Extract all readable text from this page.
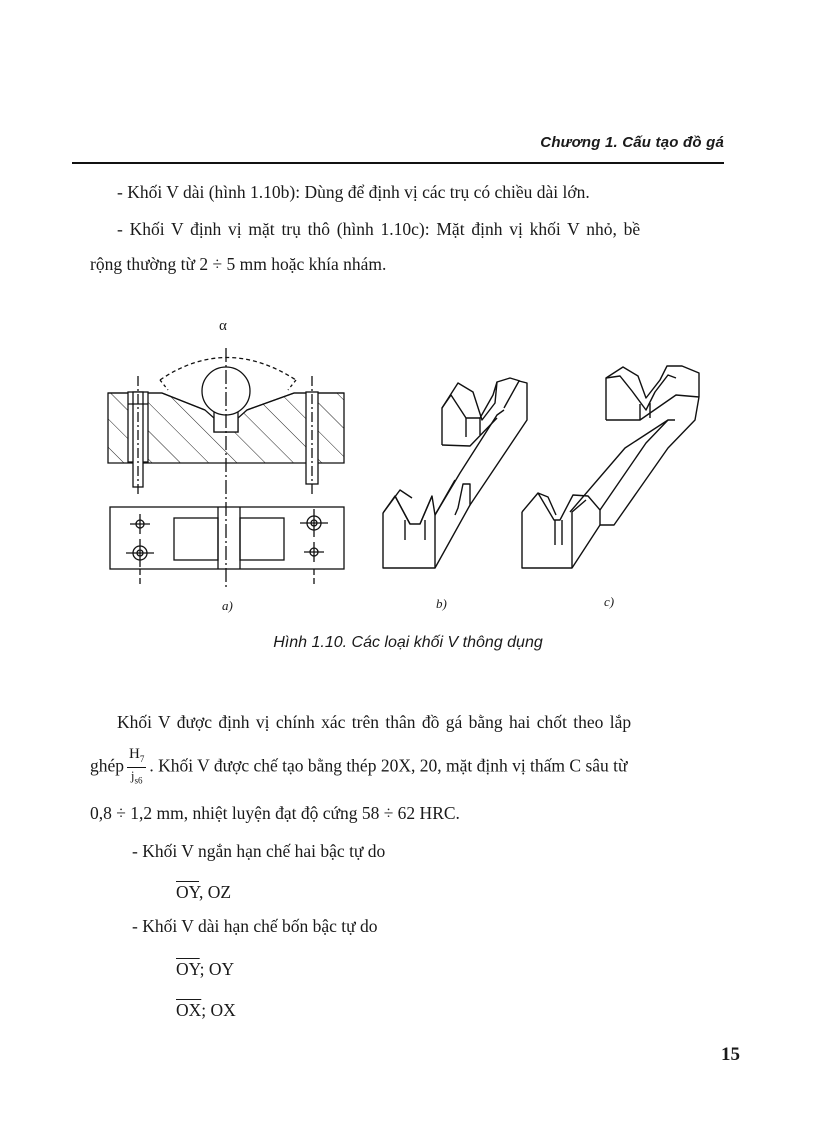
Chương 1. Cấu tạo đồ gá
- Khối V dài (hình 1.10b): Dùng để định vị các trụ có chiều dài lớn.
- Khối V định vị mặt trụ thô (hình 1.10c): Mặt định vị khối V nhỏ, bề
rộng thường từ 2 ÷ 5 mm hoặc khía nhám.
α
a)	b)	c)
Hình 1.10. Các loại khối V thông dụng
Khối V được định vị chính xác trên thân đồ gá bằng hai chốt theo lắp
ghép $\frac{H_7}{j_{s6}}$ . Khối V được chế tạo bằng thép 20X, 20, mặt định vị thấm C sâu từ
0,8 ÷ 1,2 mm, nhiệt luyện đạt độ cứng 58 ÷ 62 HRC.
- Khối V ngắn hạn chế hai bậc tự do
$\overline{OY}$, OZ
- Khối V dài hạn chế bốn bậc tự do
$\overline{OY}$; OY
$\overline{OX}$; OX
15
